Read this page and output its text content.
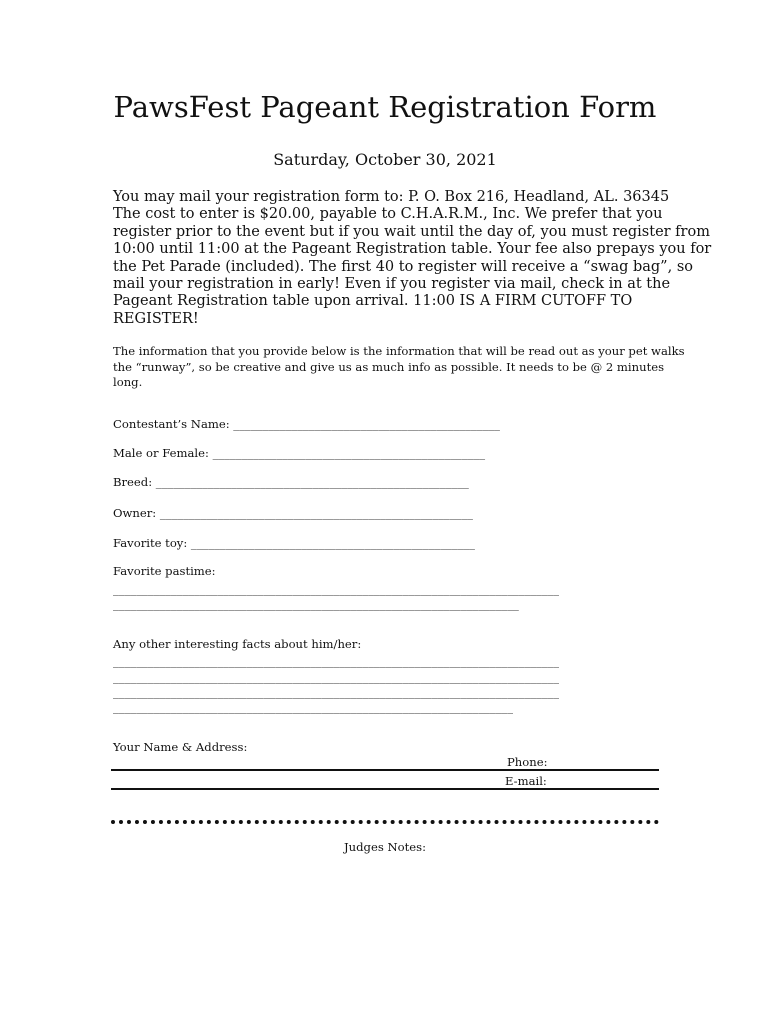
PawsFest Pageant Registration Form
Saturday, October 30, 2021

You may mail your registration form to: P. O. Box 216, Headland, AL. 36345
The cost to enter is $20.00, payable to C.H.A.R.M., Inc. We prefer that you
register prior to the event but if you wait until the day of, you must register from
10:00 until 11:00 at the Pageant Registration table. Your fee also prepays you for
the Pet Parade (included). The first 40 to register will receive a “swag bag”, so
mail your registration in early! Even if you register via mail, check in at the
Pageant Registration table upon arrival. 11:00 IS A FIRM CUTOFF TO
REGISTER!

The information that you provide below is the information that will be read out as your pet walks
the “runway”, so be creative and give us as much info as possible. It needs to be @ 2 minutes
long.

Contestant’s Name: ______________________________________________
Male or Female: _______________________________________________
Breed: ______________________________________________________
Owner: ______________________________________________________
Favorite toy: _________________________________________________
Favorite pastime:
_____________________________________________________________________________
______________________________________________________________________
Any other interesting facts about him/her:
_____________________________________________________________________________
_____________________________________________________________________________
_____________________________________________________________________________
_____________________________________________________________________
Your Name & Address:
Phone:
E-mail:
Judges Notes:
